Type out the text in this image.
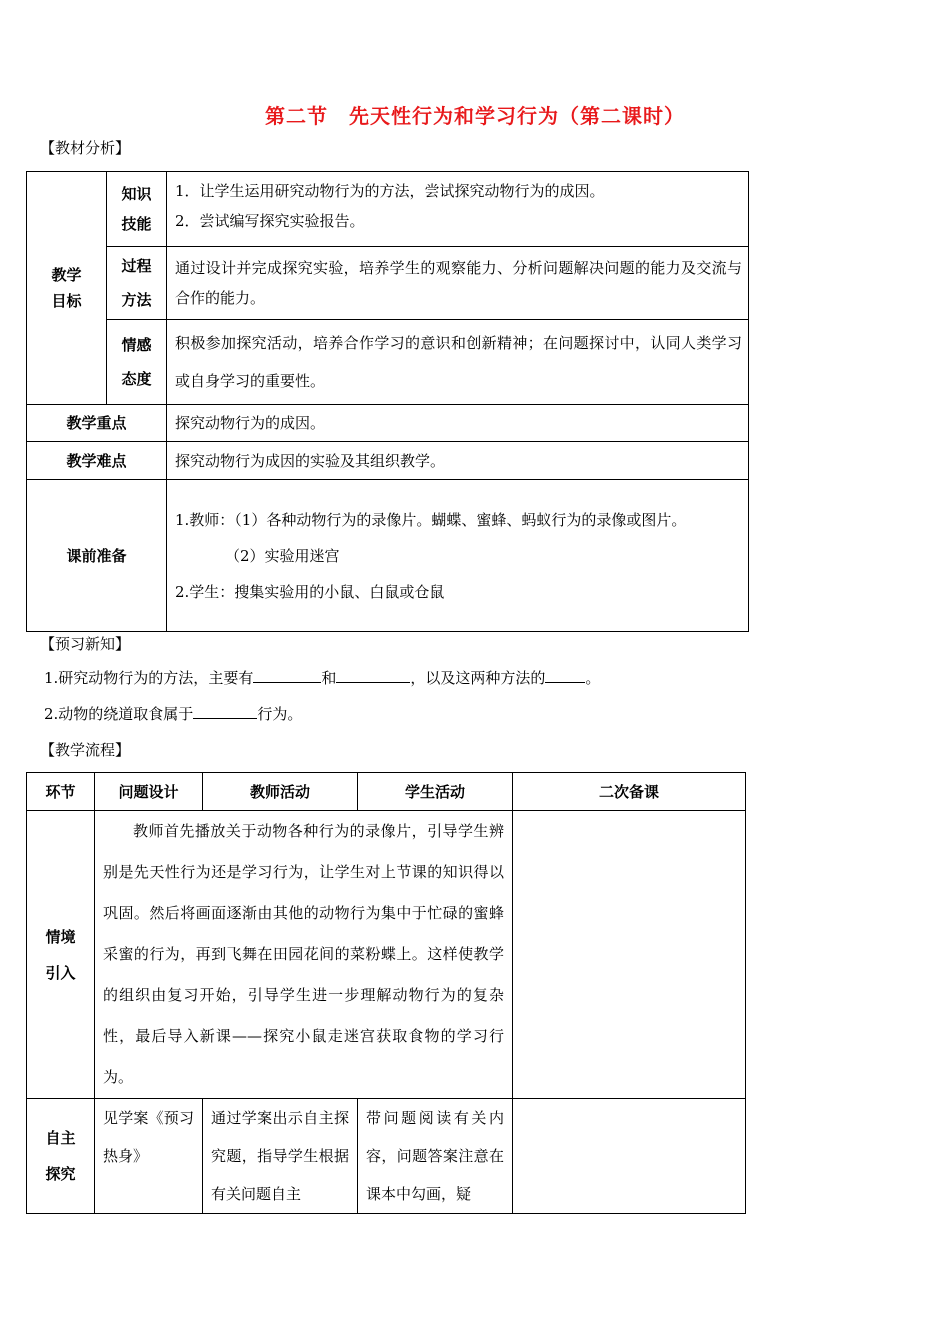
第二节　先天性行为和学习行为（第二课时）
【教材分析】
教学目标	知识技能	1．让学生运用研究动物行为的方法，尝试探究动物行为的成因。

2．尝试编写探究实验报告。

	过程方法	通过设计并完成探究实验，培养学生的观察能力、分析问题解决问题的能力及交流与合作的能力。

	情感态度	积极参加探究活动，培养合作学习的意识和创新精神；在问题探讨中，认同人类学习或自身学习的重要性。
教学重点		探究动物行为的成因。
教学难点		探究动物行为成因的实验及其组织教学。
课前准备		1.教师：（1）各种动物行为的录像片。蝴蝶、蜜蜂、蚂蚁行为的录像或图片。

（2）实验用迷宫

2.学生：搜集实验用的小鼠、白鼠或仓鼠

【预习新知】
1.研究动物行为的方法，主要有	和	，以及这两种方法的	。
2.动物的绕道取食属于	行为。
【教学流程】
环节	问题设计	教师活动	学生活动	二次备课

情境引入	教师首先播放关于动物各种行为的录像片，引导学生辨别是先天性行为还是学习行为，让学生对上节课的知识得以巩固。然后将画面逐渐由其他的动物行为集中于忙碌的蜜蜂采蜜的行为，再到飞舞在田园花间的菜粉蝶上。这样使教学的组织由复习开始，引导学生进一步理解动物行为的复杂性，最后导入新课——探究小鼠走迷宫获取食物的学习行为。			

自主探究	见学案《预习热身》	通过学案出示自主探究题，指导学生根据有关问题自主	带问题阅读有关内容，问题答案注意在课本中勾画，疑	
